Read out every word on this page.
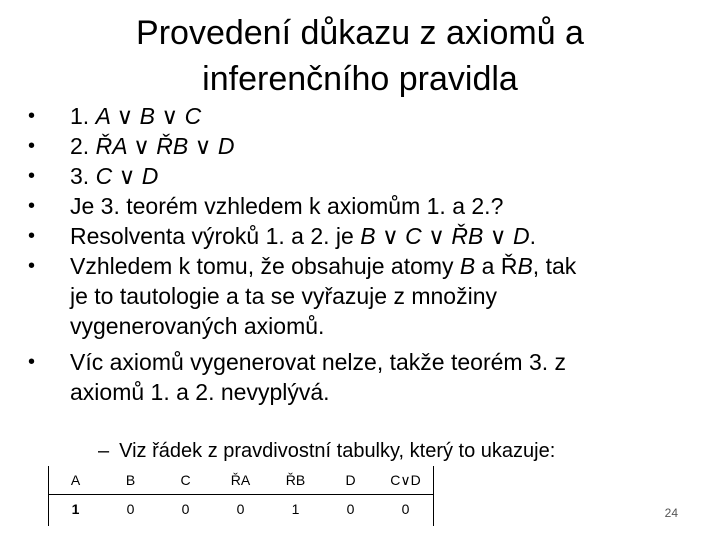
Provedení důkazu z axiomů a
inferenčního pravidla
• 1. A ∨ B ∨ C
• 2. ŘA ∨ ŘB ∨ D
• 3. C ∨ D
• Je 3. teorém vzhledem k axiomům 1. a 2.?
• Resolventa výroků 1. a 2. je B ∨ C ∨ ŘB ∨ D.
• Vzhledem k tomu, že obsahuje atomy B a ŘB, tak
je to tautologie a ta se vyřazuje z množiny
vygenerovaných axiomů.
• Víc axiomů vygenerovat nelze, takže teorém 3. z
axiomů 1. a 2. nevyplývá.
– Viz řádek z pravdivostní tabulky, který to ukazuje:
A	B	C	ŘA	ŘB	D	C∨D
1	0	0	0	1	0	0	24
